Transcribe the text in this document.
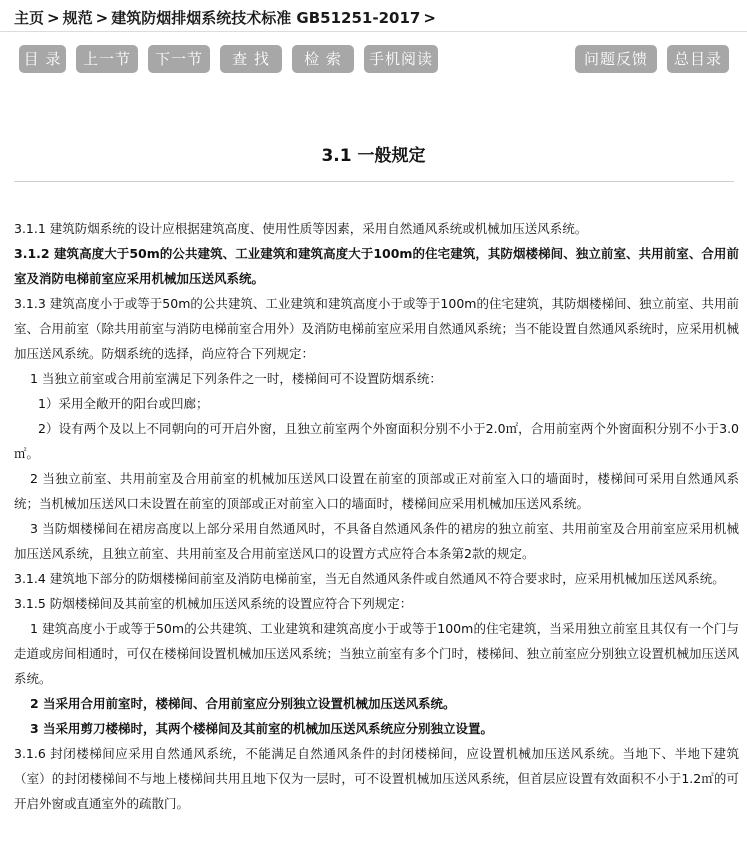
主页 > 规范 > 建筑防烟排烟系统技术标准 GB51251-2017 >
目 录	上一节	下一节	查 找	检 索	手机阅读	问题反馈	总目录
3.1 一般规定

3.1.1 建筑防烟系统的设计应根据建筑高度、使用性质等因素，采用自然通风系统或机械加压送风系统。

3.1.2 建筑高度大于50m的公共建筑、工业建筑和建筑高度大于100m的住宅建筑，其防烟楼梯间、独立前室、共用前室、合用前室及消防电梯前室应采用机械加压送风系统。

3.1.3 建筑高度小于或等于50m的公共建筑、工业建筑和建筑高度小于或等于100m的住宅建筑，其防烟楼梯间、独立前室、共用前室、合用前室（除共用前室与消防电梯前室合用外）及消防电梯前室应采用自然通风系统；当不能设置自然通风系统时，应采用机械加压送风系统。防烟系统的选择，尚应符合下列规定：

1 当独立前室或合用前室满足下列条件之一时，楼梯间可不设置防烟系统：

1）采用全敞开的阳台或凹廊；

2）设有两个及以上不同朝向的可开启外窗，且独立前室两个外窗面积分别不小于2.0㎡，合用前室两个外窗面积分别不小于3.0㎡。

2 当独立前室、共用前室及合用前室的机械加压送风口设置在前室的顶部或正对前室入口的墙面时，楼梯间可采用自然通风系统；当机械加压送风口未设置在前室的顶部或正对前室入口的墙面时，楼梯间应采用机械加压送风系统。

3 当防烟楼梯间在裙房高度以上部分采用自然通风时，不具备自然通风条件的裙房的独立前室、共用前室及合用前室应采用机械加压送风系统，且独立前室、共用前室及合用前室送风口的设置方式应符合本条第2款的规定。

3.1.4 建筑地下部分的防烟楼梯间前室及消防电梯前室，当无自然通风条件或自然通风不符合要求时，应采用机械加压送风系统。

3.1.5 防烟楼梯间及其前室的机械加压送风系统的设置应符合下列规定：

1 建筑高度小于或等于50m的公共建筑、工业建筑和建筑高度小于或等于100m的住宅建筑，当采用独立前室且其仅有一个门与走道或房间相通时，可仅在楼梯间设置机械加压送风系统；当独立前室有多个门时，楼梯间、独立前室应分别独立设置机械加压送风系统。

2 当采用合用前室时，楼梯间、合用前室应分别独立设置机械加压送风系统。

3 当采用剪刀楼梯时，其两个楼梯间及其前室的机械加压送风系统应分别独立设置。

3.1.6 封闭楼梯间应采用自然通风系统，不能满足自然通风条件的封闭楼梯间，应设置机械加压送风系统。当地下、半地下建筑（室）的封闭楼梯间不与地上楼梯间共用且地下仅为一层时，可不设置机械加压送风系统，但首层应设置有效面积不小于1.2㎡的可开启外窗或直通室外的疏散门。
